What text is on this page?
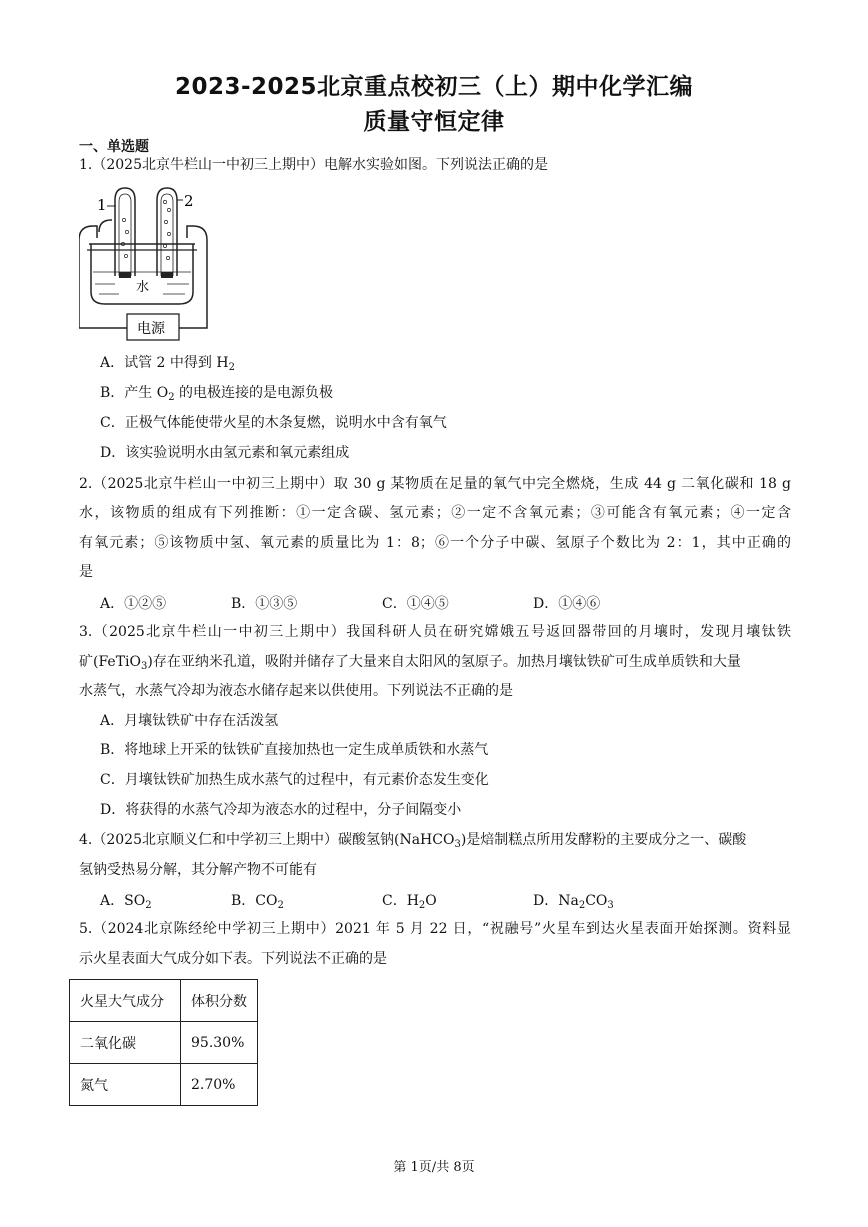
2023-2025北京重点校初三（上）期中化学汇编
质量守恒定律
一、单选题
1.（2025北京牛栏山一中初三上期中）电解水实验如图。下列说法正确的是
1	2
水
电源
A．试管 2 中得到 $H_2$
B．产生 $O_2$ 的电极连接的是电源负极
C．正极气体能使带火星的木条复燃，说明水中含有氧气
D．该实验说明水由氢元素和氧元素组成
2.（2025北京牛栏山一中初三上期中）取 30 g 某物质在足量的氧气中完全燃烧，生成 44 g 二氧化碳和 18 g
水，该物质的组成有下列推断：①一定含碳、氢元素；②一定不含氧元素；③可能含有氧元素；④一定含
有氧元素；⑤该物质中氢、氧元素的质量比为 1：8；⑥一个分子中碳、氢原子个数比为 2：1，其中正确的
是
A．①②⑤	B．①③⑤	C．①④⑤	D．①④⑥
3.（2025北京牛栏山一中初三上期中）我国科研人员在研究嫦娥五号返回器带回的月壤时，发现月壤钛铁
矿(FeTiO$_3$)存在亚纳米孔道，吸附并储存了大量来自太阳风的氢原子。加热月壤钛铁矿可生成单质铁和大量
水蒸气，水蒸气冷却为液态水储存起来以供使用。下列说法不正确的是
A．月壤钛铁矿中存在活泼氢
B．将地球上开采的钛铁矿直接加热也一定生成单质铁和水蒸气
C．月壤钛铁矿加热生成水蒸气的过程中，有元素价态发生变化
D．将获得的水蒸气冷却为液态水的过程中，分子间隔变小
4.（2025北京顺义仁和中学初三上期中）碳酸氢钠(NaHCO$_3$)是焙制糕点所用发酵粉的主要成分之一、碳酸
氢钠受热易分解，其分解产物不可能有
A．$SO_2$	B．$CO_2$	C．$H_2O$	D．$Na_2CO_3$
5.（2024北京陈经纶中学初三上期中）2021 年 5 月 22 日，“祝融号”火星车到达火星表面开始探测。资料显
示火星表面大气成分如下表。下列说法不正确的是
火星大气成分	体积分数
二氧化碳	95.30%
氮气	2.70%
第 1页/共 8页
